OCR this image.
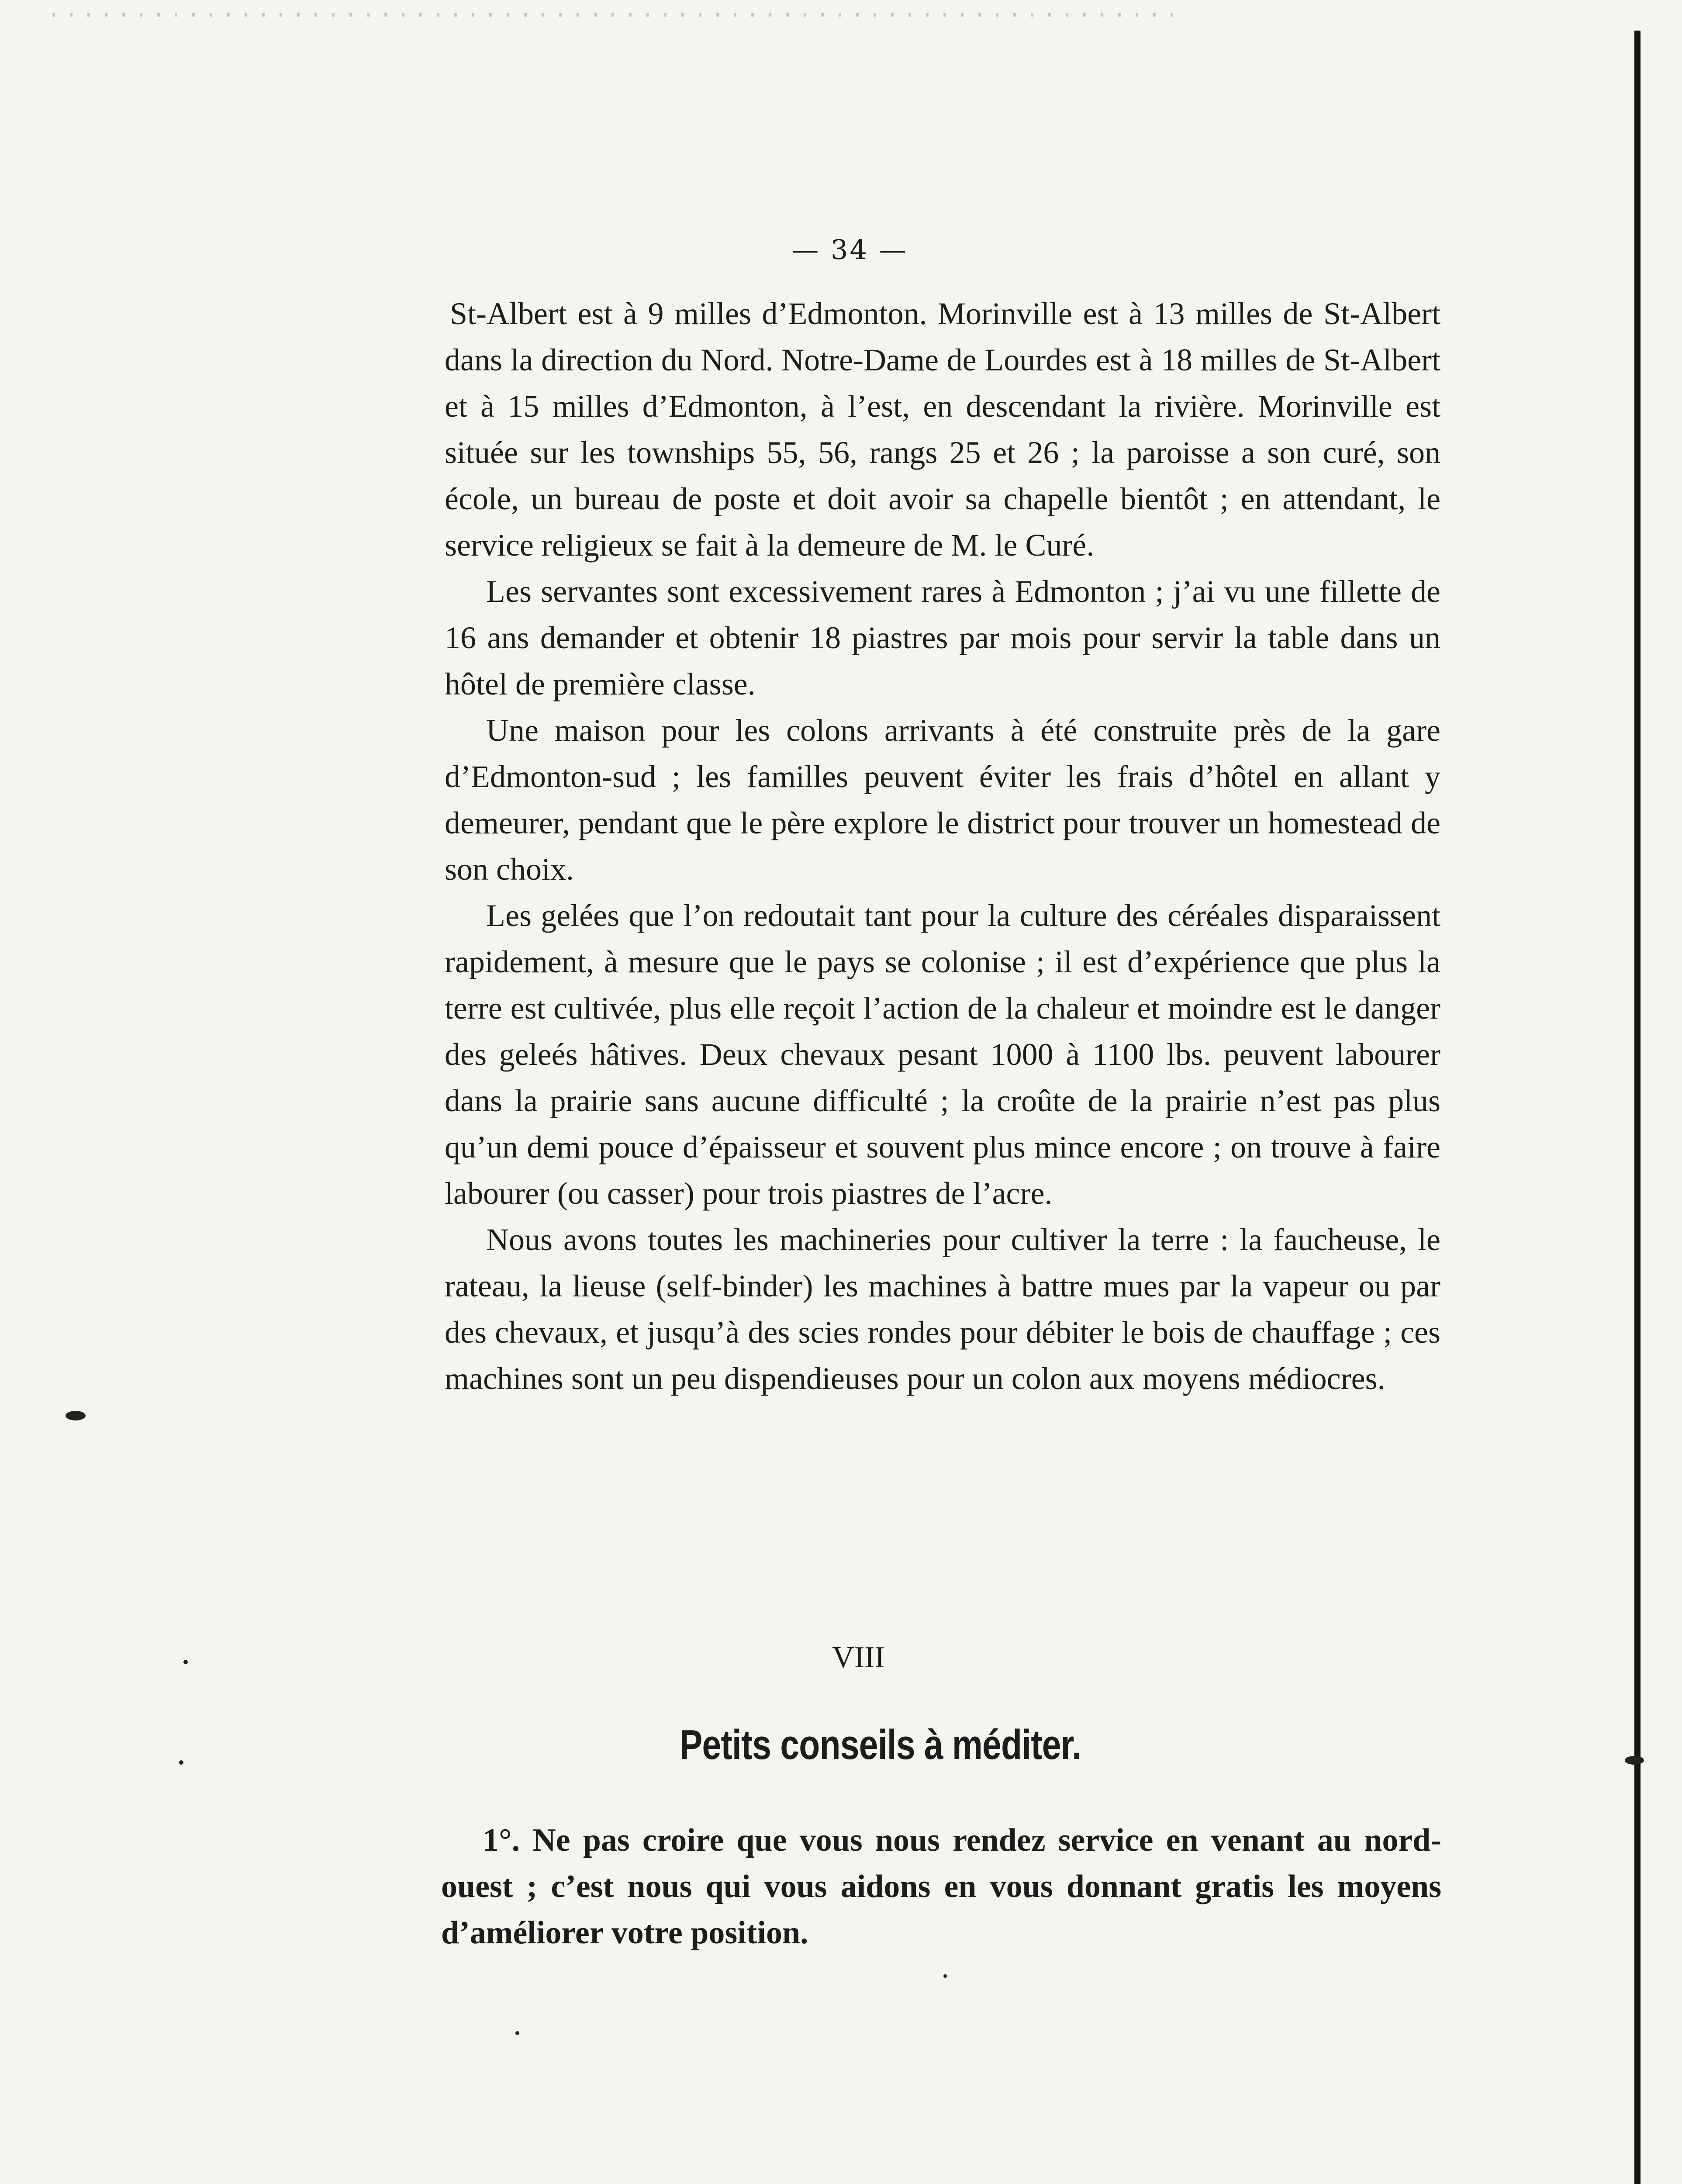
— 34 —

St-Albert est à 9 milles d’Edmonton. Morinville est à 13 milles de St-Albert dans la direction du Nord. Notre-Dame de Lourdes est à 18 milles de St-Albert et à 15 milles d’Edmonton, à l’est, en descendant la rivière. Morinville est située sur les townships 55, 56, rangs 25 et 26 ; la paroisse a son curé, son école, un bureau de poste et doit avoir sa chapelle bientôt ; en attendant, le service religieux se fait à la demeure de M. le Curé.

Les servantes sont excessivement rares à Edmonton ; j’ai vu une fillette de 16 ans demander et obtenir 18 piastres par mois pour servir la table dans un hôtel de première classe.

Une maison pour les colons arrivants à été construite près de la gare d’Edmonton-sud ; les familles peuvent éviter les frais d’hôtel en allant y demeurer, pendant que le père explore le district pour trouver un homestead de son choix.

Les gelées que l’on redoutait tant pour la culture des céréales disparaissent rapidement, à mesure que le pays se colonise ; il est d’expérience que plus la terre est cultivée, plus elle reçoit l’action de la chaleur et moindre est le danger des geleés hâtives. Deux chevaux pesant 1000 à 1100 lbs. peuvent labourer dans la prairie sans aucune difficulté ; la croûte de la prairie n’est pas plus qu’un demi pouce d’épaisseur et souvent plus mince encore ; on trouve à faire labourer (ou casser) pour trois piastres de l’acre.

Nous avons toutes les machineries pour cultiver la terre : la faucheuse, le rateau, la lieuse (self-binder) les machines à battre mues par la vapeur ou par des chevaux, et jusqu’à des scies rondes pour débiter le bois de chauffage ; ces machines sont un peu dispendieuses pour un colon aux moyens médiocres.

VIII
Petits conseils à méditer.

1°. Ne pas croire que vous nous rendez service en venant au nord-ouest ; c’est nous qui vous aidons en vous donnant gratis les moyens d’améliorer votre position.
